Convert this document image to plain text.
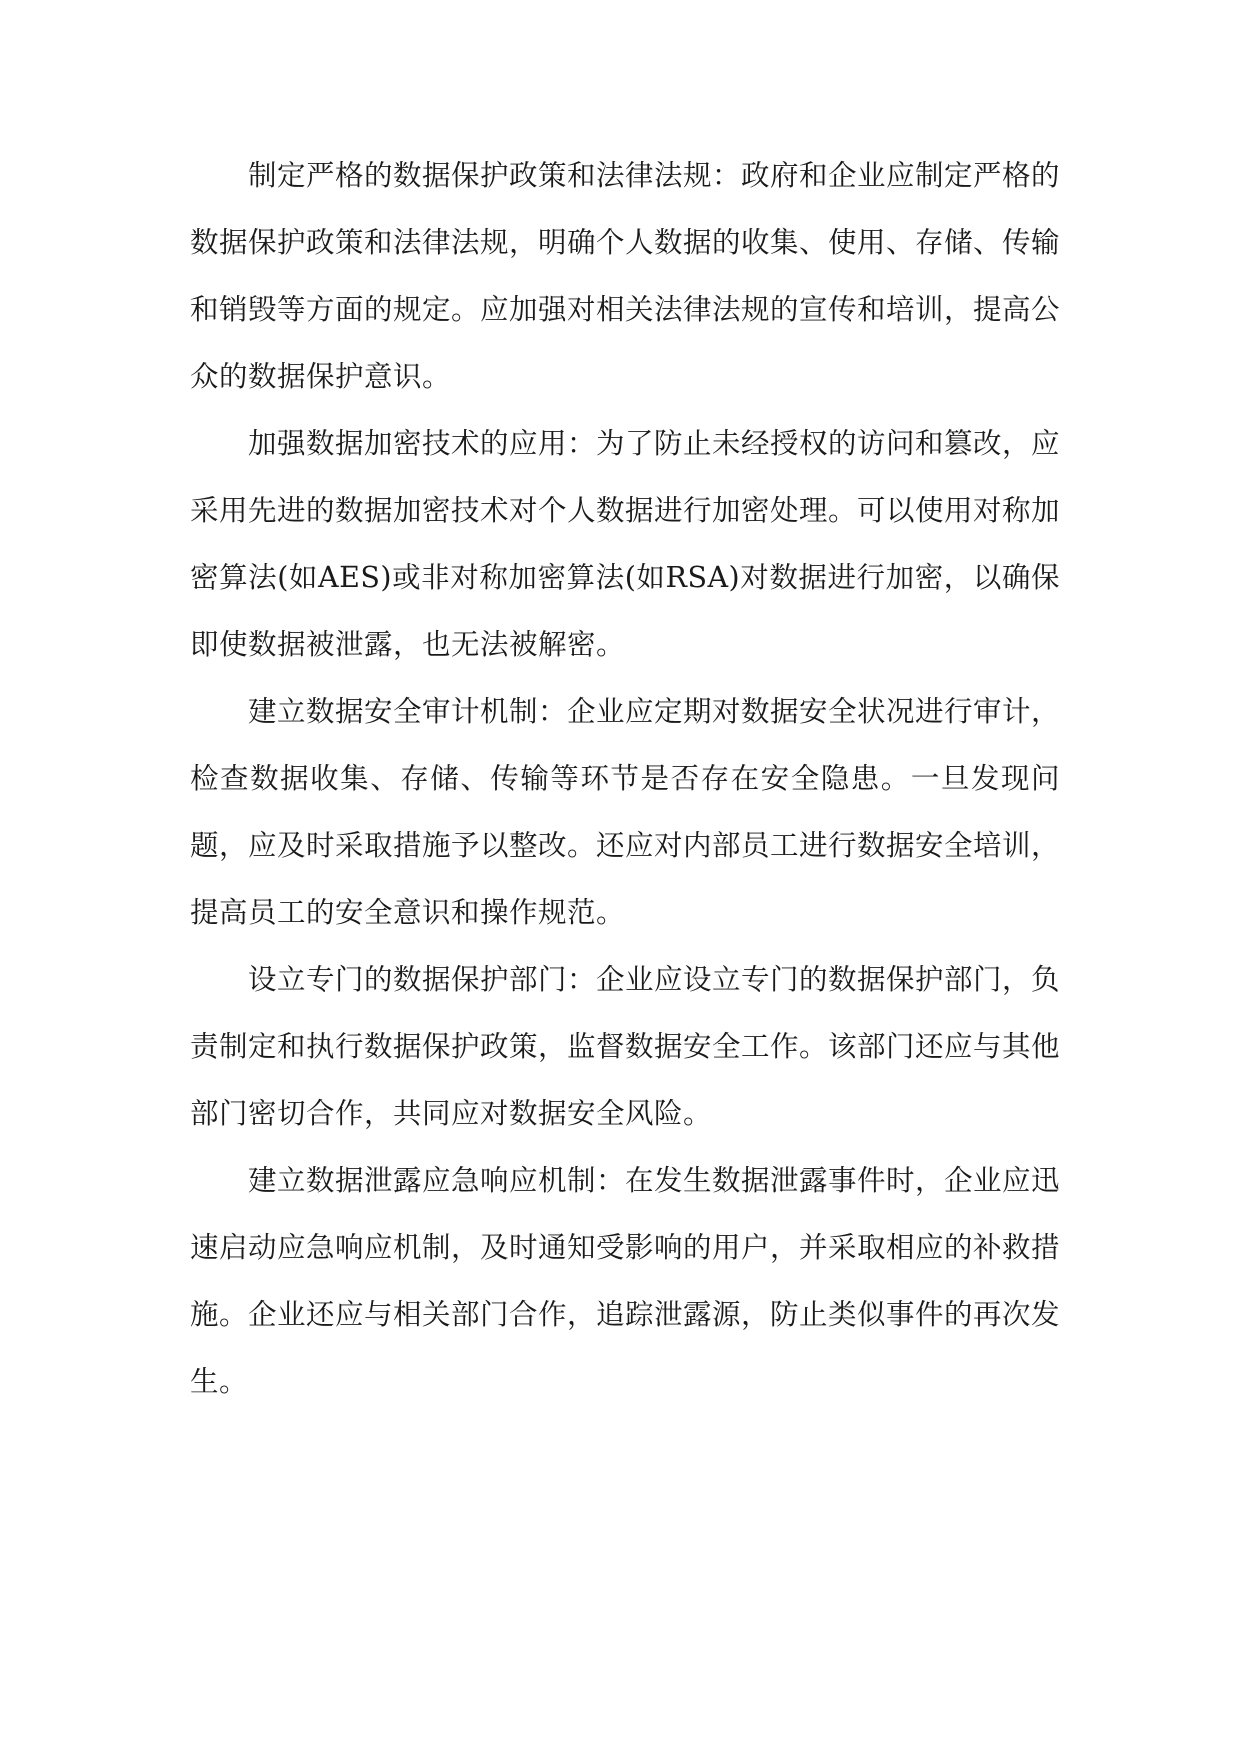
制定严格的数据保护政策和法律法规：政府和企业应制定严格的数据保护政策和法律法规，明确个人数据的收集、使用、存储、传输和销毁等方面的规定。应加强对相关法律法规的宣传和培训，提高公众的数据保护意识。

加强数据加密技术的应用：为了防止未经授权的访问和篡改，应采用先进的数据加密技术对个人数据进行加密处理。可以使用对称加密算法(如AES)或非对称加密算法(如RSA)对数据进行加密，以确保即使数据被泄露，也无法被解密。

建立数据安全审计机制：企业应定期对数据安全状况进行审计，检查数据收集、存储、传输等环节是否存在安全隐患。一旦发现问题，应及时采取措施予以整改。还应对内部员工进行数据安全培训，提高员工的安全意识和操作规范。

设立专门的数据保护部门：企业应设立专门的数据保护部门，负责制定和执行数据保护政策，监督数据安全工作。该部门还应与其他部门密切合作，共同应对数据安全风险。

建立数据泄露应急响应机制：在发生数据泄露事件时，企业应迅速启动应急响应机制，及时通知受影响的用户，并采取相应的补救措施。企业还应与相关部门合作，追踪泄露源，防止类似事件的再次发生。
